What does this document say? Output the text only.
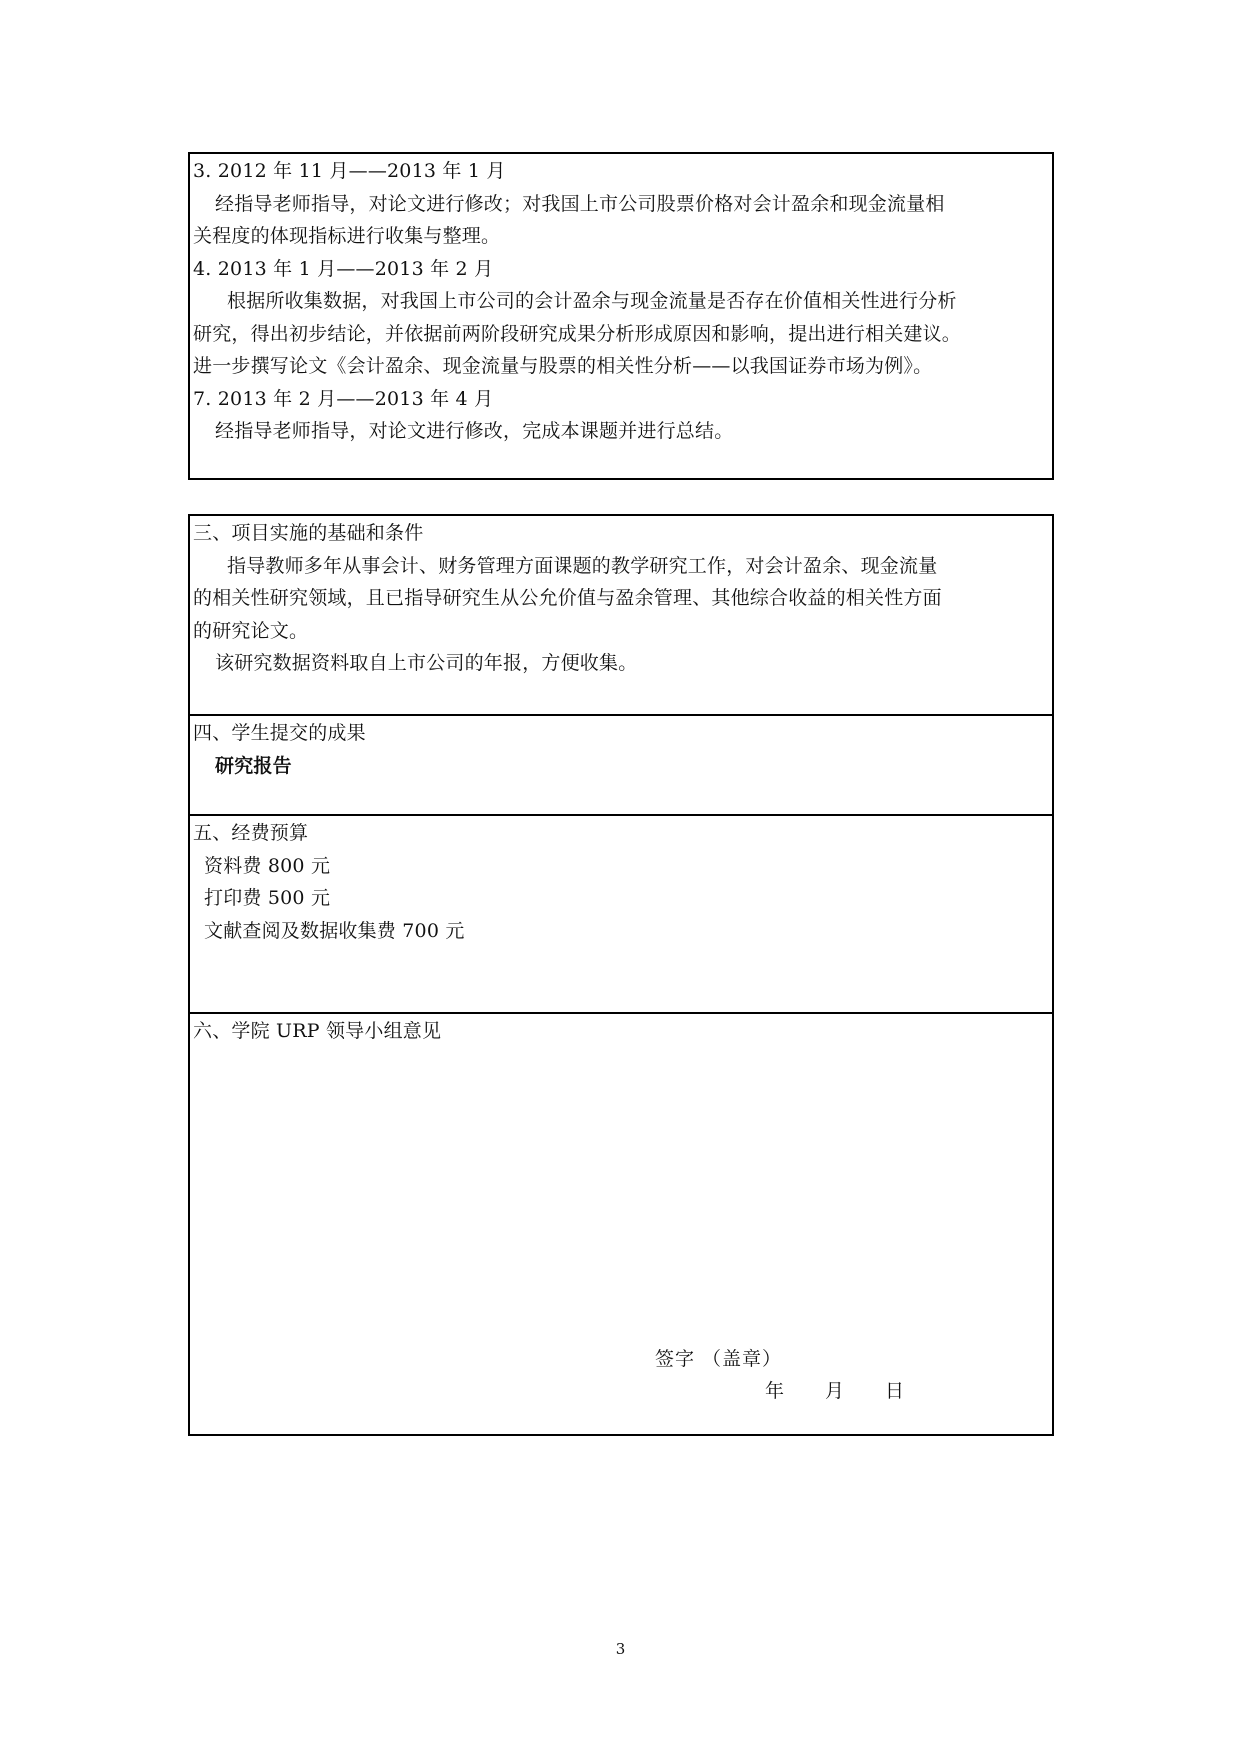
3. 2012 年 11 月——2013 年 1 月
经指导老师指导，对论文进行修改；对我国上市公司股票价格对会计盈余和现金流量相
关程度的体现指标进行收集与整理。
4. 2013 年 1 月——2013 年 2 月
根据所收集数据，对我国上市公司的会计盈余与现金流量是否存在价值相关性进行分析
研究，得出初步结论，并依据前两阶段研究成果分析形成原因和影响，提出进行相关建议。
进一步撰写论文《会计盈余、现金流量与股票的相关性分析——以我国证券市场为例》。
7. 2013 年 2 月——2013 年 4 月
经指导老师指导，对论文进行修改，完成本课题并进行总结。
三、项目实施的基础和条件
指导教师多年从事会计、财务管理方面课题的教学研究工作，对会计盈余、现金流量
的相关性研究领域，且已指导研究生从公允价值与盈余管理、其他综合收益的相关性方面
的研究论文。
该研究数据资料取自上市公司的年报，方便收集。
四、学生提交的成果
研究报告
五、经费预算
资料费 800 元
打印费 500 元
文献查阅及数据收集费 700 元
六、学院 URP 领导小组意见
签字 （盖章）
年　　月　　日
3
